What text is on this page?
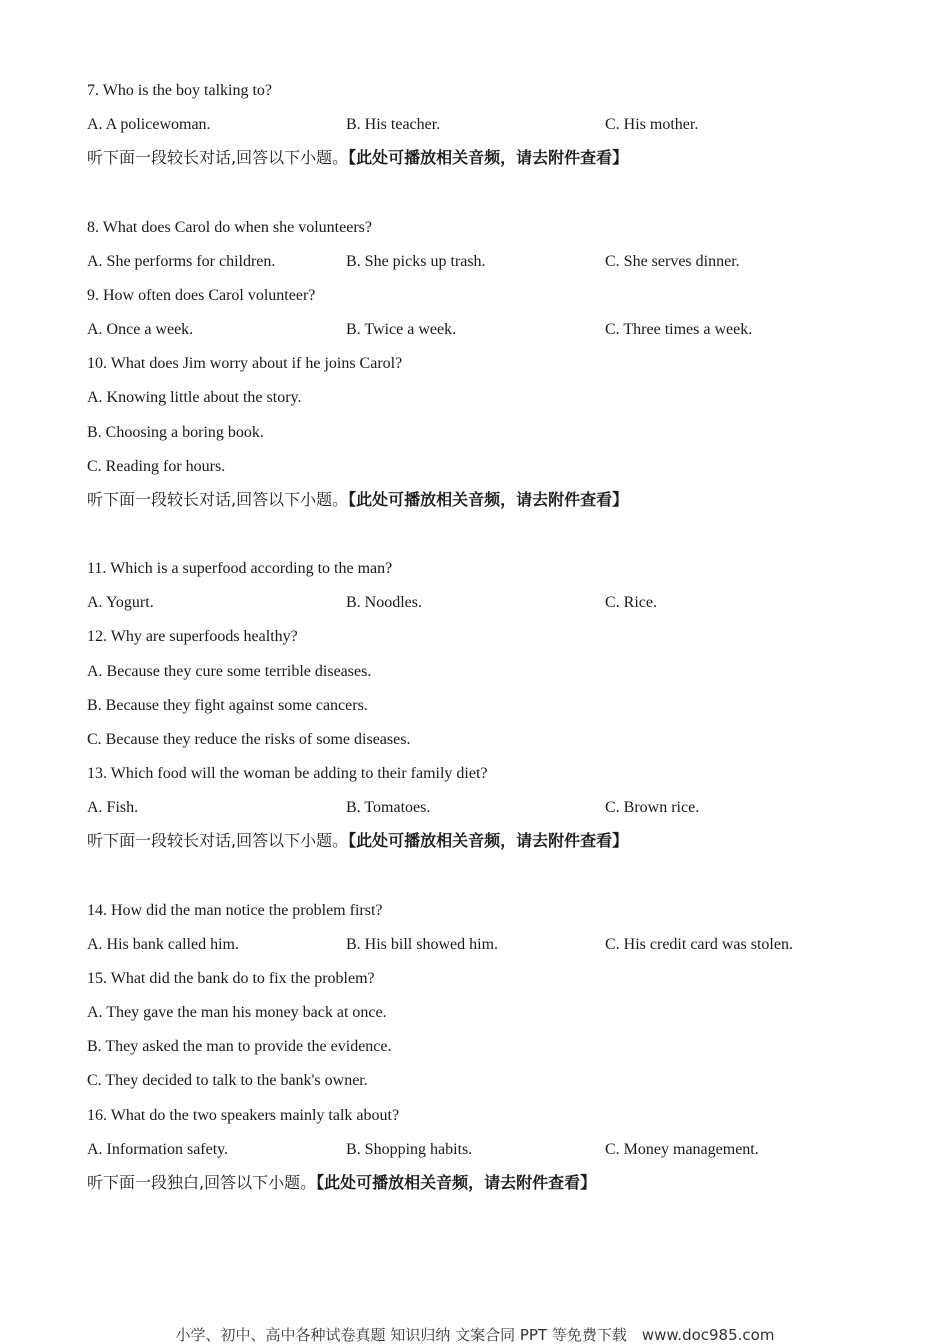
7. Who is the boy talking to?
A. A policewoman.	B. His teacher.	C. His mother.
听下面一段较长对话,回答以下小题。【此处可播放相关音频，请去附件查看】
8. What does Carol do when she volunteers?
A. She performs for children.	B. She picks up trash.	C. She serves dinner.
9. How often does Carol volunteer?
A. Once a week.	B. Twice a week.	C. Three times a week.
10. What does Jim worry about if he joins Carol?
A. Knowing little about the story.
B. Choosing a boring book.
C. Reading for hours.
听下面一段较长对话,回答以下小题。【此处可播放相关音频，请去附件查看】
11. Which is a superfood according to the man?
A. Yogurt.	B. Noodles.	C. Rice.
12. Why are superfoods healthy?
A. Because they cure some terrible diseases.
B. Because they fight against some cancers.
C. Because they reduce the risks of some diseases.
13. Which food will the woman be adding to their family diet?
A. Fish.	B. Tomatoes.	C. Brown rice.
听下面一段较长对话,回答以下小题。【此处可播放相关音频，请去附件查看】
14. How did the man notice the problem first?
A. His bank called him.	B. His bill showed him.	C. His credit card was stolen.
15. What did the bank do to fix the problem?
A. They gave the man his money back at once.
B. They asked the man to provide the evidence.
C. They decided to talk to the bank's owner.
16. What do the two speakers mainly talk about?
A. Information safety.	B. Shopping habits.	C. Money management.
听下面一段独白,回答以下小题。【此处可播放相关音频，请去附件查看】
小学、初中、高中各种试卷真题 知识归纳 文案合同 PPT 等免费下载　www.doc985.com
